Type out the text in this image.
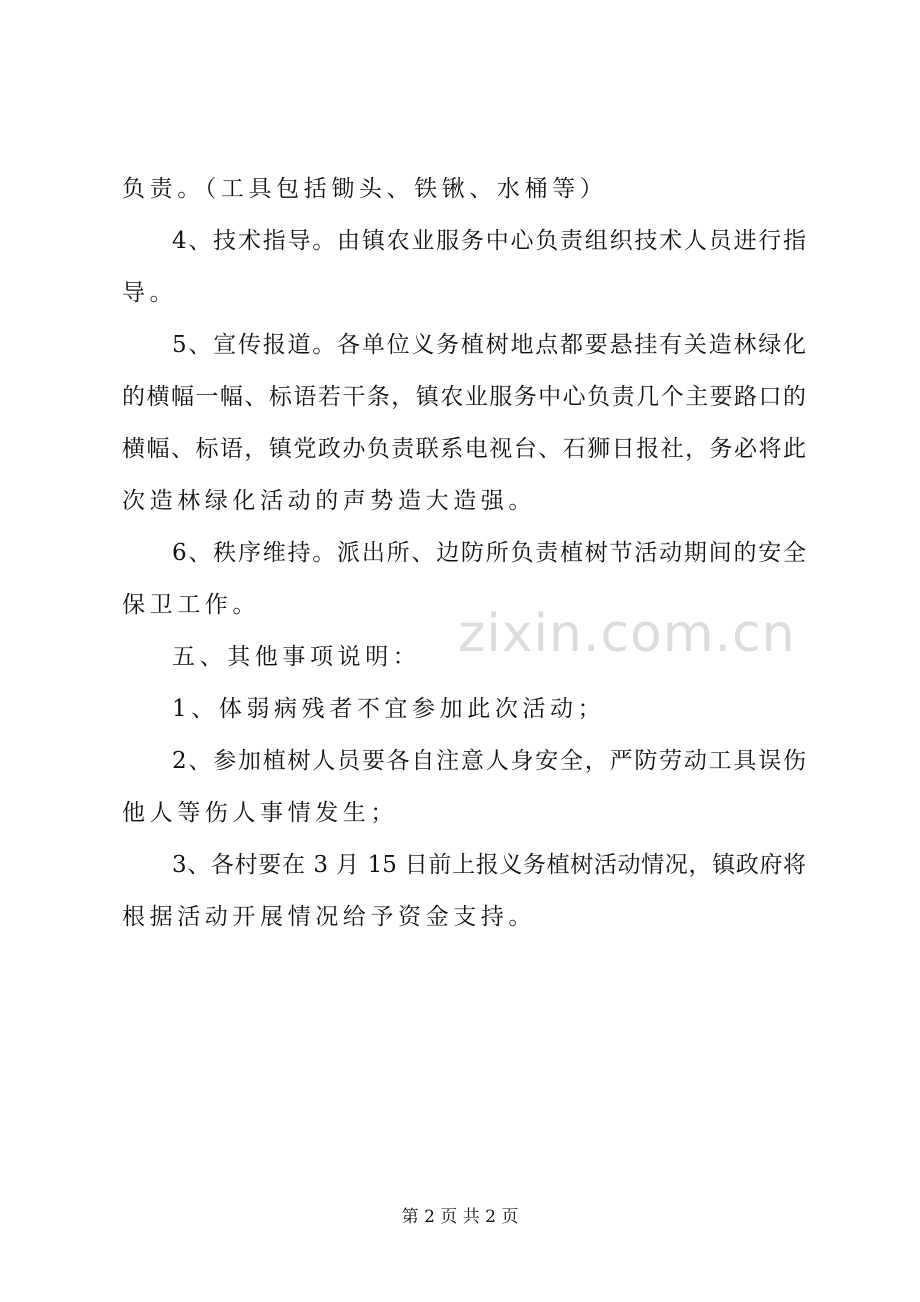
zixin.com.cn
负责。（工具包括锄头、铁锹、水桶等）
4、技术指导。由镇农业服务中心负责组织技术人员进行指
导。
5、宣传报道。各单位义务植树地点都要悬挂有关造林绿化
的横幅一幅、标语若干条，镇农业服务中心负责几个主要路口的
横幅、标语，镇党政办负责联系电视台、石狮日报社，务必将此
次造林绿化活动的声势造大造强。
6、秩序维持。派出所、边防所负责植树节活动期间的安全
保卫工作。
五、其他事项说明：
1、体弱病残者不宜参加此次活动；
2、参加植树人员要各自注意人身安全，严防劳动工具误伤
他人等伤人事情发生；
3、各村要在 3 月 15 日前上报义务植树活动情况，镇政府将
根据活动开展情况给予资金支持。
第 2 页 共 2 页
